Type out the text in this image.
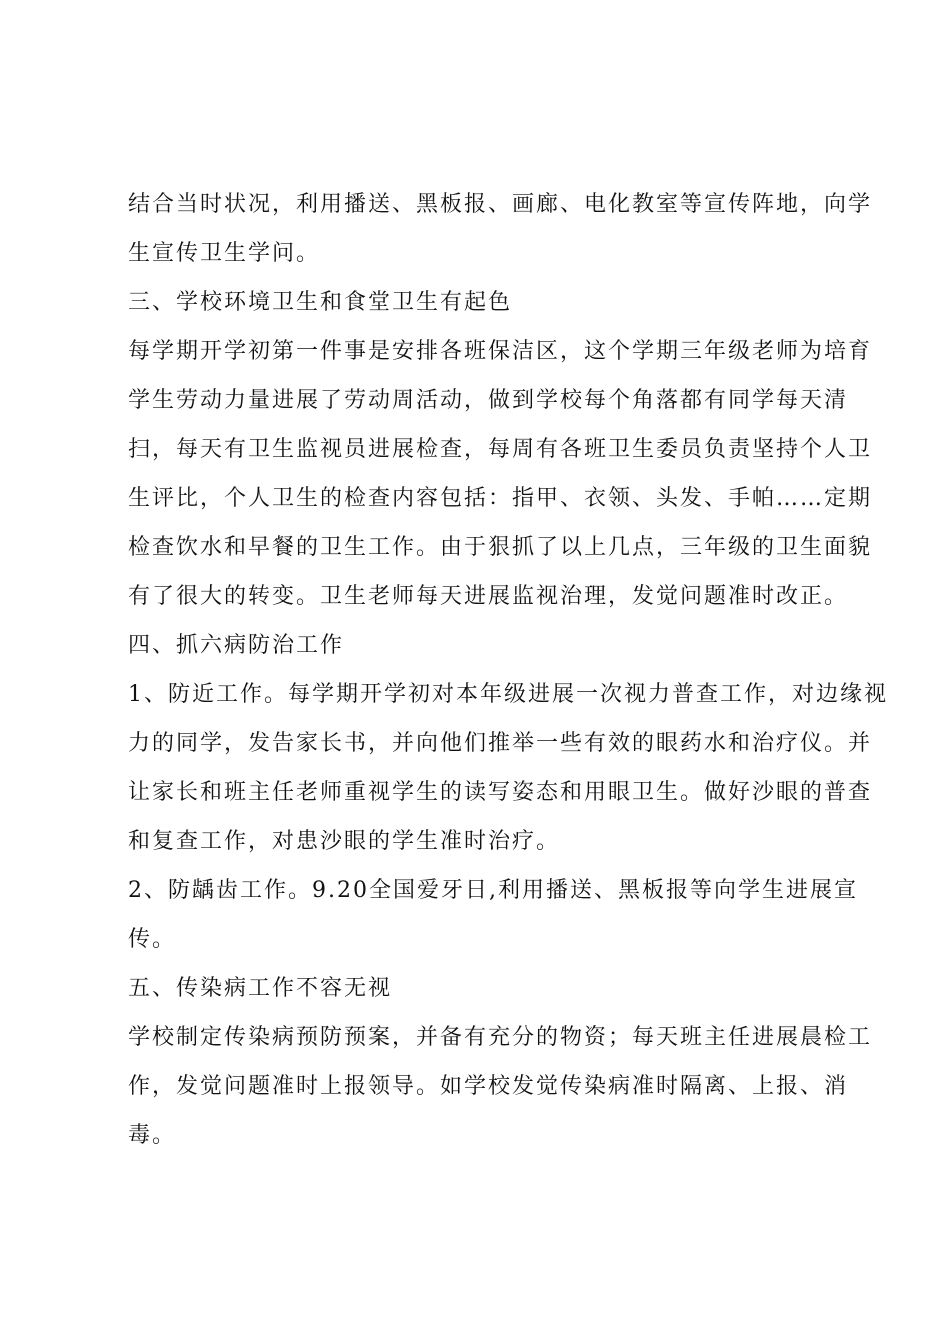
结合当时状况，利用播送、黑板报、画廊、电化教室等宣传阵地，向学
生宣传卫生学问。
三、学校环境卫生和食堂卫生有起色
每学期开学初第一件事是安排各班保洁区，这个学期三年级老师为培育
学生劳动力量进展了劳动周活动，做到学校每个角落都有同学每天清
扫，每天有卫生监视员进展检查，每周有各班卫生委员负责坚持个人卫
生评比，个人卫生的检查内容包括：指甲、衣领、头发、手帕……定期
检查饮水和早餐的卫生工作。由于狠抓了以上几点，三年级的卫生面貌
有了很大的转变。卫生老师每天进展监视治理，发觉问题准时改正。
四、抓六病防治工作
1、防近工作。每学期开学初对本年级进展一次视力普查工作，对边缘视
力的同学，发告家长书，并向他们推举一些有效的眼药水和治疗仪。并
让家长和班主任老师重视学生的读写姿态和用眼卫生。做好沙眼的普查
和复查工作，对患沙眼的学生准时治疗。
2、防龋齿工作。9.20全国爱牙日,利用播送、黑板报等向学生进展宣
传。
五、传染病工作不容无视
学校制定传染病预防预案，并备有充分的物资；每天班主任进展晨检工
作，发觉问题准时上报领导。如学校发觉传染病准时隔离、上报、消
毒。
